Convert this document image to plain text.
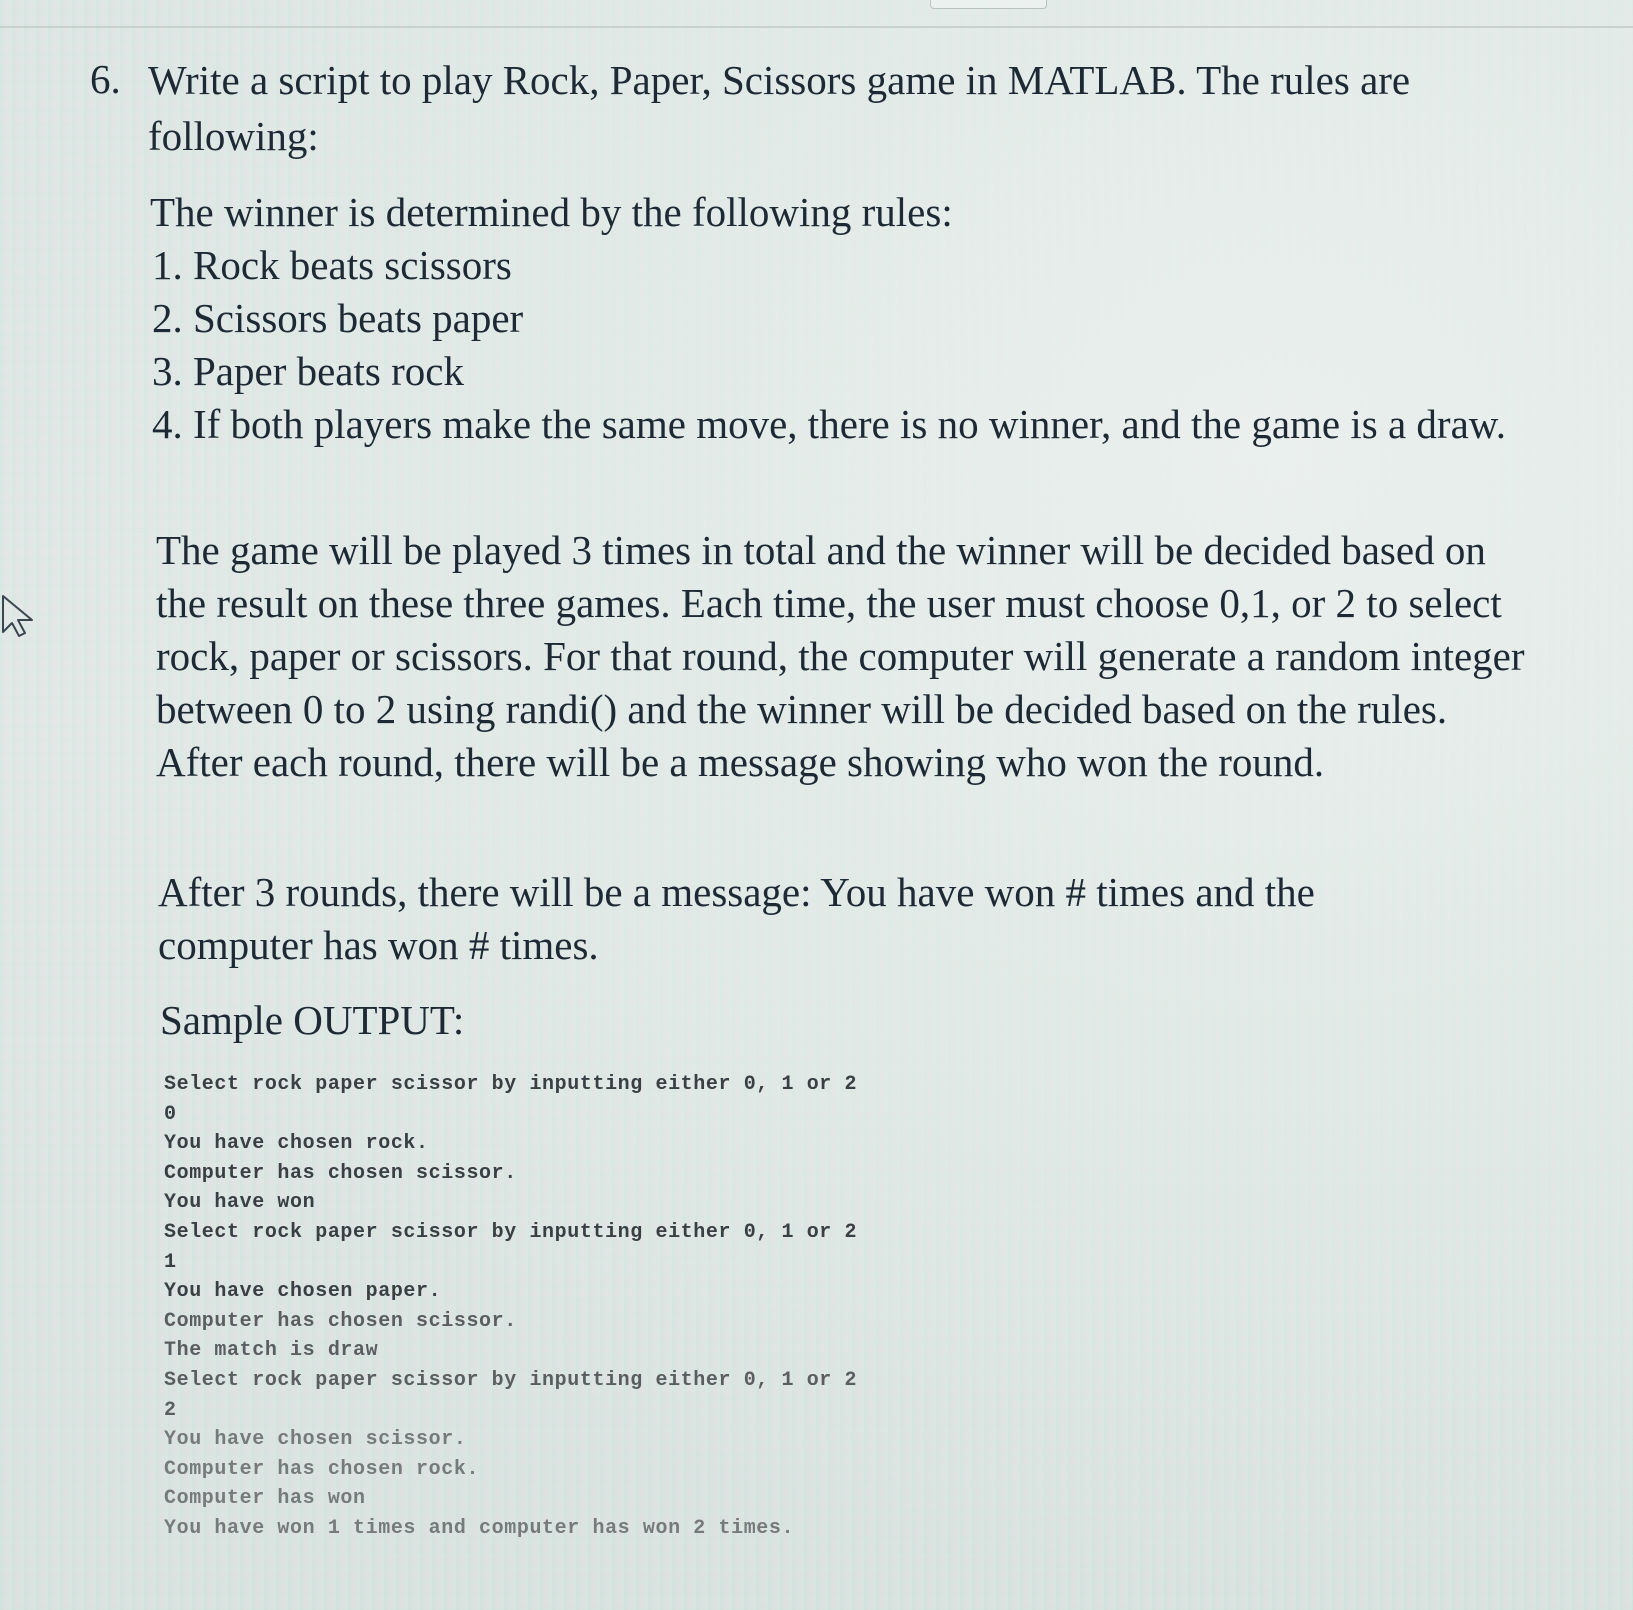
6. Write a script to play Rock, Paper, Scissors game in MATLAB. The rules are following:

The winner is determined by the following rules:

1. Rock beats scissors
2. Scissors beats paper
3. Paper beats rock
4. If both players make the same move, there is no winner, and the game is a draw.

The game will be played 3 times in total and the winner will be decided based on the result on these three games. Each time, the user must choose 0,1, or 2 to select rock, paper or scissors. For that round, the computer will generate a random integer between 0 to 2 using randi() and the winner will be decided based on the rules. After each round, there will be a message showing who won the round.

After 3 rounds, there will be a message: You have won # times and the computer has won # times.

Sample OUTPUT:

Select rock paper scissor by inputting either 0, 1 or 2
0
You have chosen rock.
Computer has chosen scissor.
You have won
Select rock paper scissor by inputting either 0, 1 or 2
1
You have chosen paper.
Computer has chosen scissor.
The match is draw
Select rock paper scissor by inputting either 0, 1 or 2
2
You have chosen scissor.
Computer has chosen rock.
Computer has won
You have won 1 times and computer has won 2 times.
